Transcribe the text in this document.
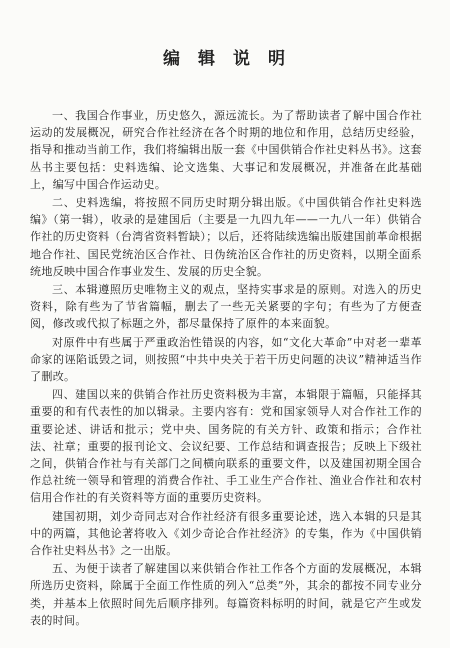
编辑说明

一、我国合作事业，历史悠久，源远流长。为了帮助读者了解中国合作社运动的发展概况，研究合作社经济在各个时期的地位和作用，总结历史经验，指导和推动当前工作，我们将编辑出版一套《中国供销合作社史料丛书》。这套丛书主要包括：史料选编、论文选集、大事记和发展概况，并准备在此基础上，编写中国合作运动史。

二、史料选编，将按照不同历史时期分辑出版。《中国供销合作社史料选编》（第一辑），收录的是建国后（主要是一九四九年——一九八一年）供销合作社的历史资料（台湾省资料暂缺）；以后，还将陆续选编出版建国前革命根据地合作社、国民党统治区合作社、日伪统治区合作社的历史资料，以期全面系统地反映中国合作事业发生、发展的历史全貌。

三、本辑遵照历史唯物主义的观点，坚持实事求是的原则。对选入的历史资料，除有些为了节省篇幅，删去了一些无关紧要的字句；有些为了方便查阅，修改或代拟了标题之外，都尽量保持了原件的本来面貌。

对原件中有些属于严重政治性错误的内容，如“文化大革命”中对老一辈革命家的诬陷诋毁之词，则按照“中共中央关于若干历史问题的决议”精神适当作了删改。

四、建国以来的供销合作社历史资料极为丰富，本辑限于篇幅，只能择其重要的和有代表性的加以辑录。主要内容有：党和国家领导人对合作社工作的重要论述、讲话和批示；党中央、国务院的有关方针、政策和指示；合作社法、社章；重要的报刊论文、会议纪要、工作总结和调查报告；反映上下级社之间，供销合作社与有关部门之间横向联系的重要文件，以及建国初期全国合作总社统一领导和管理的消费合作社、手工业生产合作社、渔业合作社和农村信用合作社的有关资料等方面的重要历史资料。

建国初期，刘少奇同志对合作社经济有很多重要论述，选入本辑的只是其中的两篇，其他论著将收入《刘少奇论合作社经济》的专集，作为《中国供销合作社史料丛书》之一出版。

五、为便于读者了解建国以来供销合作社工作各个方面的发展概况，本辑所选历史资料，除属于全面工作性质的列入“总类”外，其余的都按不同专业分类，并基本上依照时间先后顺序排列。每篇资料标明的时间，就是它产生或发表的时间。
